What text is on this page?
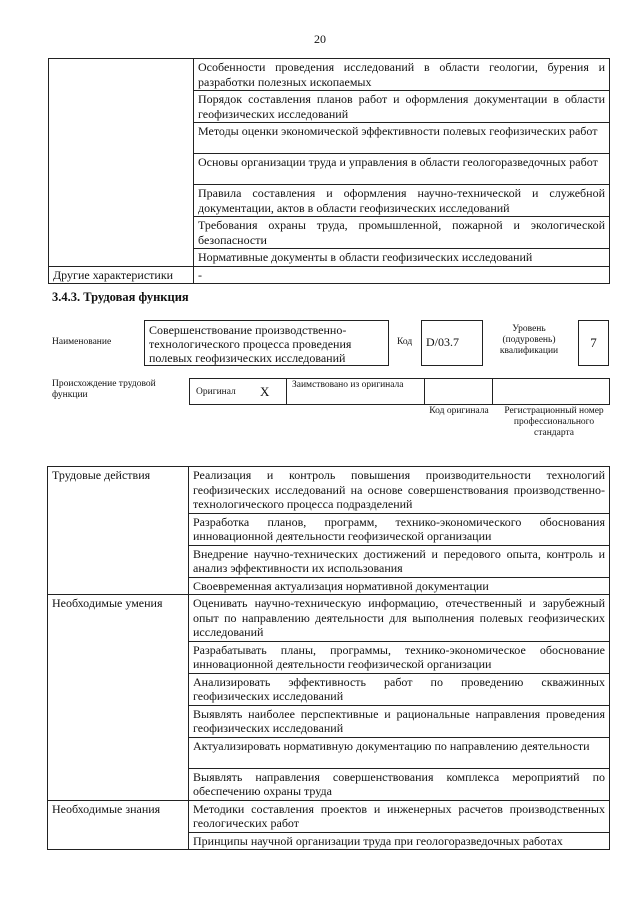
20
	Особенности проведения исследований в области геологии, бурения и разработки полезных ископаемых
	Порядок составления планов работ и оформления документации в области геофизических исследований
	Методы оценки экономической эффективности полевых геофизических работ
	Основы организации труда и управления в области геологоразведочных работ
	Правила составления и оформления научно-технической и служебной документации, актов в области геофизических исследований
	Требования охраны труда, промышленной, пожарной и экологической безопасности
	Нормативные документы в области геофизических исследований
Другие характеристики	-
3.4.3. Трудовая функция
Наименование
Совершенствование производственно-технологического процесса проведения полевых геофизических исследований
Код	D/03.7
Уровень (подуровень) квалификации
7
Происхождение трудовой функции	Оригинал X Заимствовано из оригинала
Код оригинала	Регистрационный номер профессионального стандарта
Трудовые действия	Реализация и контроль повышения производительности технологий геофизических исследований на основе совершенствования производственно-технологического процесса подразделений
	Разработка планов, программ, технико-экономического обоснования инновационной деятельности геофизической организации
	Внедрение научно-технических достижений и передового опыта, контроль и анализ эффективности их использования
	Своевременная актуализация нормативной документации
Необходимые умения	Оценивать научно-техническую информацию, отечественный и зарубежный опыт по направлению деятельности для выполнения полевых геофизических исследований
	Разрабатывать планы, программы, технико-экономическое обоснование инновационной деятельности геофизической организации
	Анализировать эффективность работ по проведению скважинных геофизических исследований
	Выявлять наиболее перспективные и рациональные направления проведения геофизических исследований
	Актуализировать нормативную документацию по направлению деятельности
	Выявлять направления совершенствования комплекса мероприятий по обеспечению охраны труда
Необходимые знания	Методики составления проектов и инженерных расчетов производственных геологических работ
	Принципы научной организации труда при геологоразведочных работах
